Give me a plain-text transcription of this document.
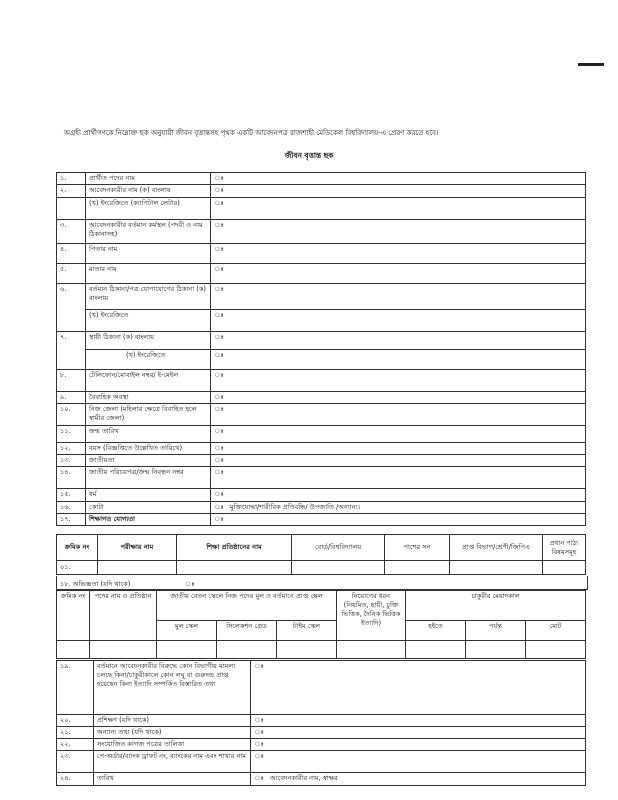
অগ্রহী প্রার্থীগণকে নিম্নোক্ত ছক অনুযায়ী জীবন বৃত্তান্তসহ পৃথক একটি আবেদনপত্র রাজশাহী মেডিকেল বিশ্ববিদ্যালয়-এ প্রেরণ করতে হবে।
জীবন বৃত্তান্ত ছক
১.	প্রার্থীত পদের নাম	ঃ	
২.	আবেদনকারীর নাম (ক) বাংলায়	ঃ	
	(খ) ইংরেজিতে (ক্যাপিটাল লেটার)	ঃ	
৩.	আবেদনকারীর বর্তমান কর্মস্থল (পদবী ও নাম ঠিকানাসহ)	ঃ	
৪.	পিতার নাম	ঃ	
৫.	মাতার নাম	ঃ	
৬.	বর্তমান ঠিকানা/পত্র যোগাযোগের ঠিকানা (ক) বাংলায়	ঃ	
	(খ) ইংরেজিতে	ঃ	
৭.	স্থায়ী ঠিকানা (ক) বাংলায়	ঃ	
	(খ) ইংরেজিতে	ঃ	
৮.	টেলিফোন/মোবাইল নম্বর/ ই-মেইল	ঃ	
৯.	বৈবাহিক অবস্থা	ঃ	
১০.	নিজ জেলা (মহিলার ক্ষেত্রে বিবাহিত হলে স্বামীর জেলা)	ঃ	
১১.	জন্ম তারিখ	ঃ	
১২.	বয়স (বিজ্ঞপ্তিতে উল্লেখিত তারিখে)	ঃ	
১৩.	জাতীয়তা	ঃ	
১৪.	জাতীয় পরিচয়পত্র/জন্ম নিবন্ধন নম্বর	ঃ	
১৫.	ধর্ম	ঃ	
১৬.	কোটা	ঃ	মুক্তিযোদ্ধা/শারীরিক প্রতিবন্ধি/ উপজাতি /অন্যান্য।
১৭.	শিক্ষাগত যোগ্যতা	ঃ	
ক্রমিক নং	পরীক্ষার নাম	শিক্ষা প্রতিষ্ঠানের নাম	বোর্ড/বিশ্ববিদ্যালয়	পাশের সন	প্রাপ্ত বিভাগ/শ্রেণী/জিপিএ	প্রধান পাঠ্য বিষয়সমূহ
০১.						
১৮. অভিজ্ঞতা (যদি থাকে)	ঃ
ক্রমিক নং	পদের নাম ও প্রতিষ্ঠান	জাতীয় বেতন স্কেলে নিজ পদের মুল ও বর্তমানে প্রাপ্ত স্কেল			নিয়োগের ধরন (নিয়মিত, ছায়ী, চুক্তি ভিত্তিক, দৈনিক ভিত্তিক ইত্যাদি)	চাকুরীর মেয়াদকাল		
		মুল স্কেল	সিলেকশন গ্রেড	টাইম স্কেল		হইতে	পর্যন্ত	মোট

১৯.	বর্তমানে আবেদনকারীর বিরুদ্ধে কোন বিভাগীয় মামলা চলছে কিনা/চাকুরীকালে কোন লঘু বা গুরুদন্ড প্রাপ্ত হয়েছেন কিনা ইত্যাদি সম্পর্কিত বিস্তারিত তথ্য	ঃ	
২০.	প্রশিক্ষণ (যদি থাকে)	ঃ	
২১.	অন্যান্য তথ্য (যদি থাকে)	ঃ	
২২.	সংযোজিত কাগজ পত্রের তালিকা	ঃ	
২৩.	পে-অর্ডার/ব্যাংক ড্রাফট নং, ব্যাংকের নাম এবং শাখার নাম	ঃ	
২৪.	তারিখ	ঃ	আবেদনকারীর নাম, স্বাক্ষর
